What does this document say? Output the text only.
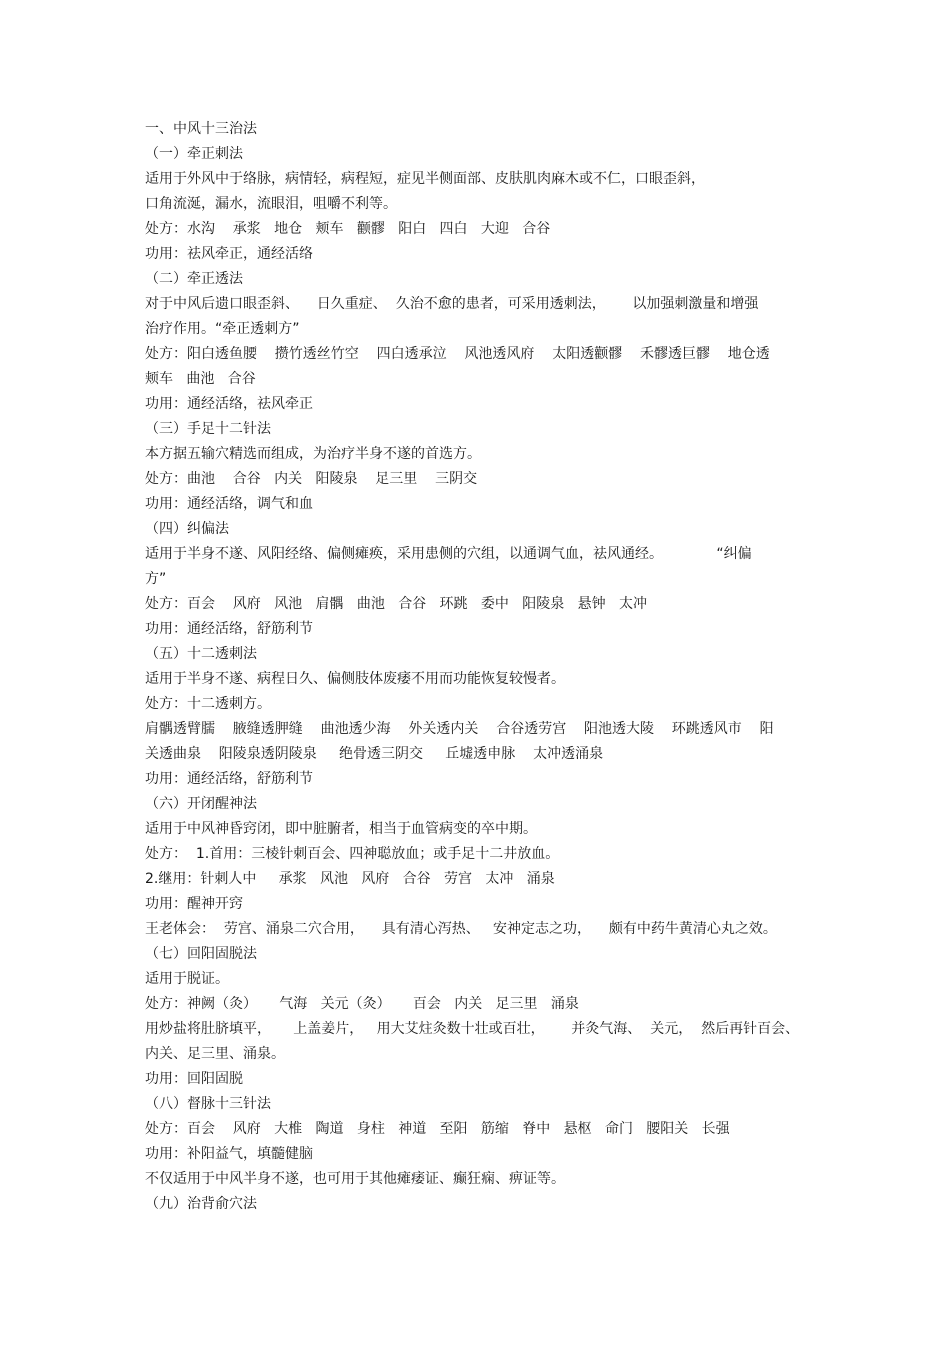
一、中风十三治法
（一）牵正刺法
适用于外风中于络脉，病情轻，病程短，症见半侧面部、皮肤肌肉麻木或不仁，口眼歪斜，
口角流涎，漏水，流眼泪，咀嚼不利等。
处方：水沟    承浆   地仓   颊车   颧髎   阳白   四白   大迎   合谷
功用：祛风牵正，通经活络
（二）牵正透法
对于中风后遗口眼歪斜、    日久重症、  久治不愈的患者，可采用透刺法，      以加强刺激量和增强
治疗作用。“牵正透刺方”
处方：阳白透鱼腰    攒竹透丝竹空    四白透承泣    风池透风府    太阳透颧髎    禾髎透巨髎    地仓透
颊车   曲池   合谷
功用：通经活络，祛风牵正
（三）手足十二针法
本方据五输穴精选而组成，为治疗半身不遂的首选方。
处方：曲池    合谷   内关   阳陵泉    足三里    三阴交
功用：通经活络，调气和血
（四）纠偏法
适用于半身不遂、风阳经络、偏侧瘫痪，采用患侧的穴组，以通调气血，祛风通经。            “纠偏
方”
处方：百会    风府   风池   肩髃   曲池   合谷   环跳   委中   阳陵泉   悬钟   太冲
功用：通经活络，舒筋利节
（五）十二透刺法
适用于半身不遂、病程日久、偏侧肢体废痿不用而功能恢复较慢者。
处方：十二透刺方。
肩髃透臂臑    腋缝透胛缝    曲池透少海    外关透内关    合谷透劳宫    阳池透大陵    环跳透风市    阳
关透曲泉    阳陵泉透阴陵泉     绝骨透三阴交     丘墟透申脉    太冲透涌泉
功用：通经活络，舒筋利节
（六）开闭醒神法
适用于中风神昏窍闭，即中脏腑者，相当于血管病变的卒中期。
处方：  1.首用：三棱针刺百会、四神聪放血；或手足十二井放血。
2.继用：针刺人中     承浆   风池   风府   合谷   劳宫   太冲   涌泉
功用：醒神开窍
王老体会：  劳宫、涌泉二穴合用，    具有清心泻热、   安神定志之功，    颇有中药牛黄清心丸之效。
（七）回阳固脱法
适用于脱证。
处方：神阙（灸）     气海   关元（灸）     百会   内关   足三里   涌泉
用炒盐将肚脐填平，     上盖姜片，   用大艾炷灸数十壮或百壮，      并灸气海、  关元，  然后再针百会、
内关、足三里、涌泉。
功用：回阳固脱
（八）督脉十三针法
处方：百会    风府   大椎   陶道   身柱   神道   至阳   筋缩   脊中   悬枢   命门   腰阳关   长强
功用：补阳益气，填髓健脑
不仅适用于中风半身不遂，也可用于其他瘫痿证、癫狂痫、痹证等。
（九）治背俞穴法
